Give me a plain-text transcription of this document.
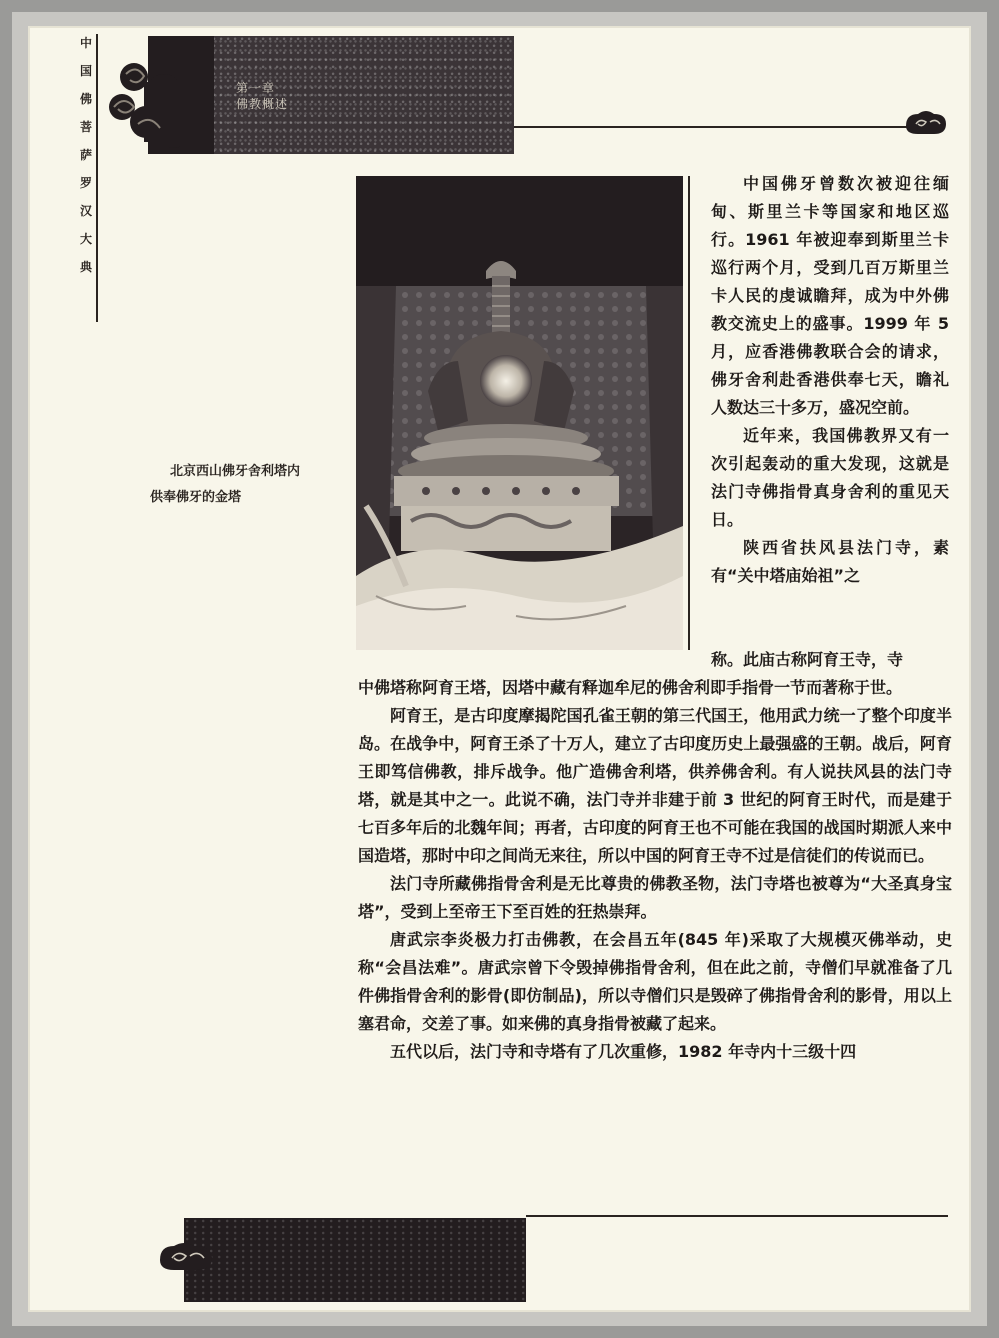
中
国
佛
菩
萨
罗
汉
大
典
第一章
佛教概述
北京西山佛牙舍利塔内
供奉佛牙的金塔

中国佛牙曾数次被迎往缅甸、斯里兰卡等国家和地区巡行。1961 年被迎奉到斯里兰卡巡行两个月，受到几百万斯里兰卡人民的虔诚瞻拜，成为中外佛教交流史上的盛事。1999 年 5 月，应香港佛教联合会的请求，佛牙舍利赴香港供奉七天，瞻礼人数达三十多万，盛况空前。

近年来，我国佛教界又有一次引起轰动的重大发现，这就是法门寺佛指骨真身舍利的重见天日。

陕西省扶风县法门寺，素有“关中塔庙始祖”之

称。此庙古称阿育王寺，寺

中佛塔称阿育王塔，因塔中藏有释迦牟尼的佛舍利即手指骨一节而著称于世。

阿育王，是古印度摩揭陀国孔雀王朝的第三代国王，他用武力统一了整个印度半岛。在战争中，阿育王杀了十万人，建立了古印度历史上最强盛的王朝。战后，阿育王即笃信佛教，排斥战争。他广造佛舍利塔，供养佛舍利。有人说扶风县的法门寺塔，就是其中之一。此说不确，法门寺并非建于前 3 世纪的阿育王时代，而是建于七百多年后的北魏年间；再者，古印度的阿育王也不可能在我国的战国时期派人来中国造塔，那时中印之间尚无来往，所以中国的阿育王寺不过是信徒们的传说而已。

法门寺所藏佛指骨舍利是无比尊贵的佛教圣物，法门寺塔也被尊为“大圣真身宝塔”，受到上至帝王下至百姓的狂热崇拜。

唐武宗李炎极力打击佛教，在会昌五年(845 年)采取了大规模灭佛举动，史称“会昌法难”。唐武宗曾下令毁掉佛指骨舍利，但在此之前，寺僧们早就准备了几件佛指骨舍利的影骨(即仿制品)，所以寺僧们只是毁碎了佛指骨舍利的影骨，用以上塞君命，交差了事。如来佛的真身指骨被藏了起来。

五代以后，法门寺和寺塔有了几次重修，1982 年寺内十三级十四
